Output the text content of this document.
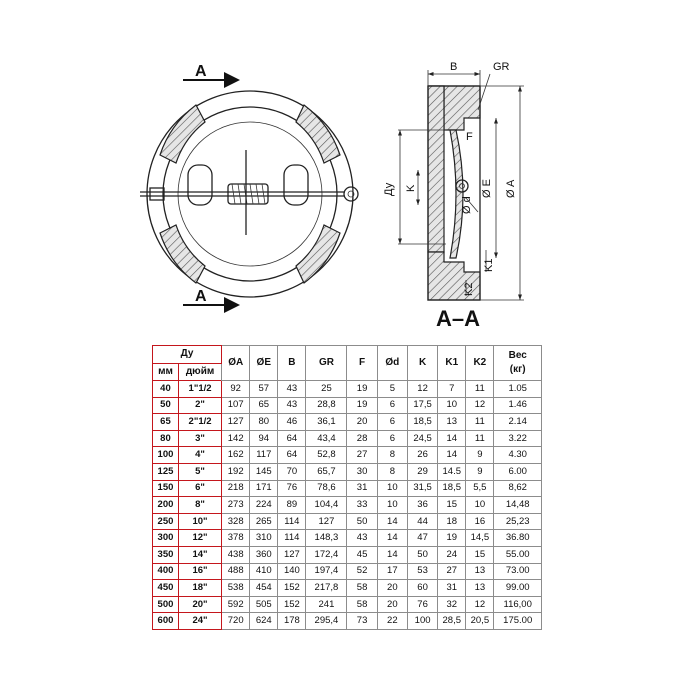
A
A
B	GR
F
Ду K	Ø E Ø A
Ø d
K1
K2
A–A
Ду		ØA	ØE	B	GR	F	Ød	K	K1	K2	Вес
(кг)
мм	дюйм										
40	1"1/2	92	57	43	25	19	5	12	7	11	1.05
50	2"	107	65	43	28,8	19	6	17,5	10	12	1.46
65	2"1/2	127	80	46	36,1	20	6	18,5	13	11	2.14
80	3"	142	94	64	43,4	28	6	24,5	14	11	3.22
100	4"	162	117	64	52,8	27	8	26	14	9	4.30
125	5"	192	145	70	65,7	30	8	29	14.5	9	6.00
150	6"	218	171	76	78,6	31	10	31,5	18,5	5,5	8,62
200	8"	273	224	89	104,4	33	10	36	15	10	14,48
250	10"	328	265	114	127	50	14	44	18	16	25,23
300	12"	378	310	114	148,3	43	14	47	19	14,5	36.80
350	14"	438	360	127	172,4	45	14	50	24	15	55.00
400	16"	488	410	140	197,4	52	17	53	27	13	73.00
450	18"	538	454	152	217,8	58	20	60	31	13	99.00
500	20"	592	505	152	241	58	20	76	32	12	116,00
600	24"	720	624	178	295,4	73	22	100	28,5	20,5	175.00
